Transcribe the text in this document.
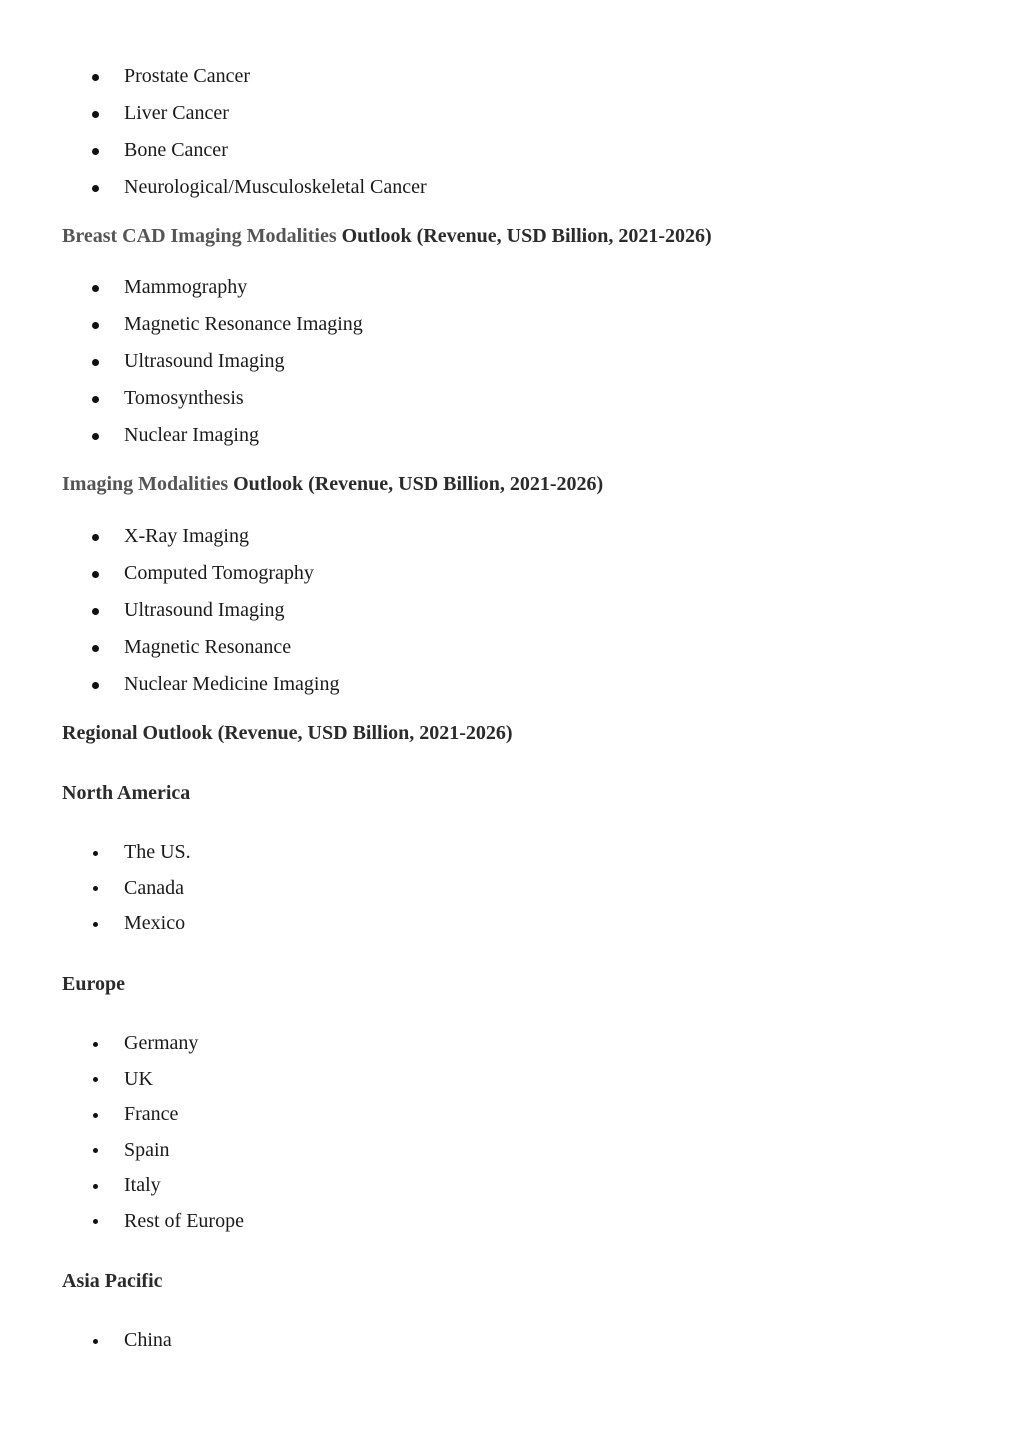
Prostate Cancer
Liver Cancer
Bone Cancer
Neurological/Musculoskeletal Cancer
Breast CAD Imaging Modalities Outlook (Revenue, USD Billion, 2021-2026)
Mammography
Magnetic Resonance Imaging
Ultrasound Imaging
Tomosynthesis
Nuclear Imaging
Imaging Modalities Outlook (Revenue, USD Billion, 2021-2026)
X-Ray Imaging
Computed Tomography
Ultrasound Imaging
Magnetic Resonance
Nuclear Medicine Imaging
Regional Outlook (Revenue, USD Billion, 2021-2026)
North America
The US.
Canada
Mexico
Europe
Germany
UK
France
Spain
Italy
Rest of Europe
Asia Pacific
China
